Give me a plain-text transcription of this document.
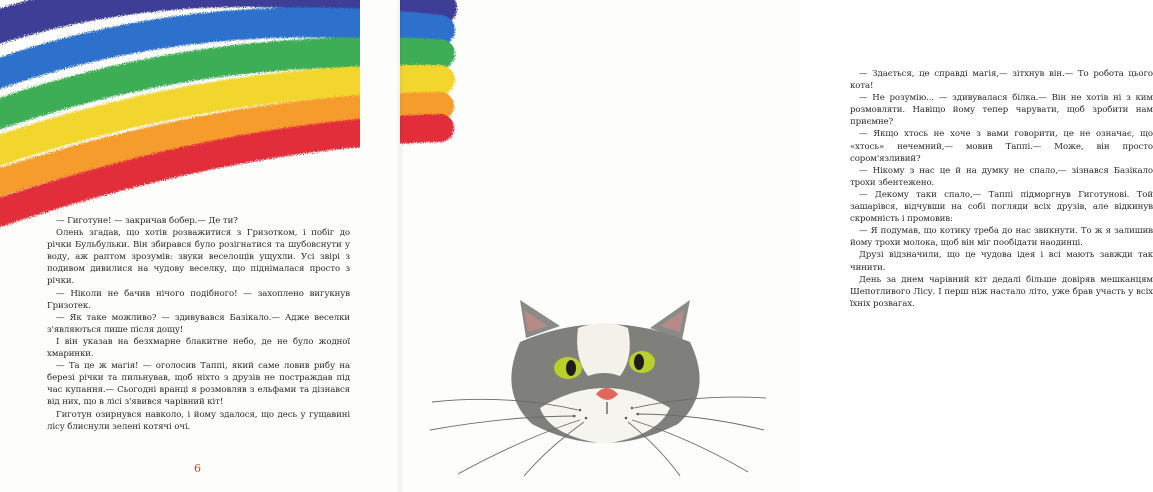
— Гиготуне! — закричав бобер.— Де ти?

Олень згадав, що хотів розважитися з Гризотком, і побіг до річки Бульбульки. Він збирався було розігнатися та шубовснути у воду, аж раптом зрозумів: звуки веселощів ущухли. Усі звірі з подивом дивилися на чудову веселку, що піднімалася просто з річки.

— Ніколи не бачив нічого подібного! — захоплено вигукнув Гризотек.

— Як таке можливо? — здивувався Базікало.— Адже веселки з'являються лише після дощу!

І він указав на безхмарне блакитне небо, де не було жодної хмаринки.

— Та це ж магія! — оголосив Таппі, який саме ловив рибу на березі річки та пильнував, щоб ніхто з друзів не постраждав під час купання.— Сьогодні вранці я розмовляв з ельфами та дізнався від них, що в лісі з'явився чарівний кіт!

Гиготун озирнувся навколо, і йому здалося, що десь у гущавині лісу блиснули зелені котячі очі.

6

— Здається, це справді магія,— зітхнув він.— То робота цього кота!

— Не розумію... — здивувалася білка.— Він не хотів ні з ким розмовляти. Навіщо йому тепер чарувати, щоб зробити нам приємне?

— Якщо хтось не хоче з вами говорити, це не означає, що «хтось» нечемний,— мовив Таппі.— Може, він просто сором'язливий?

— Нікому з нас це й на думку не спало,— зізнався Базікало трохи збентежено.

— Декому таки спало,— Таппі підморгнув Гиготунові. Той зашарівся, відчувши на собі погляди всіх друзів, але відкинув скромність і промовив:

— Я подумав, що котику треба до нас звикнути. То ж я залишив йому трохи молока, щоб він міг пообідати наодинці.

Друзі відзначили, що це чудова ідея і всі мають завжди так чинити.

День за днем чарівний кіт дедалі більше довіряв мешканцям Шепотливого Лісу. І перш ніж настало літо, уже брав участь у всіх їхніх розвагах.
